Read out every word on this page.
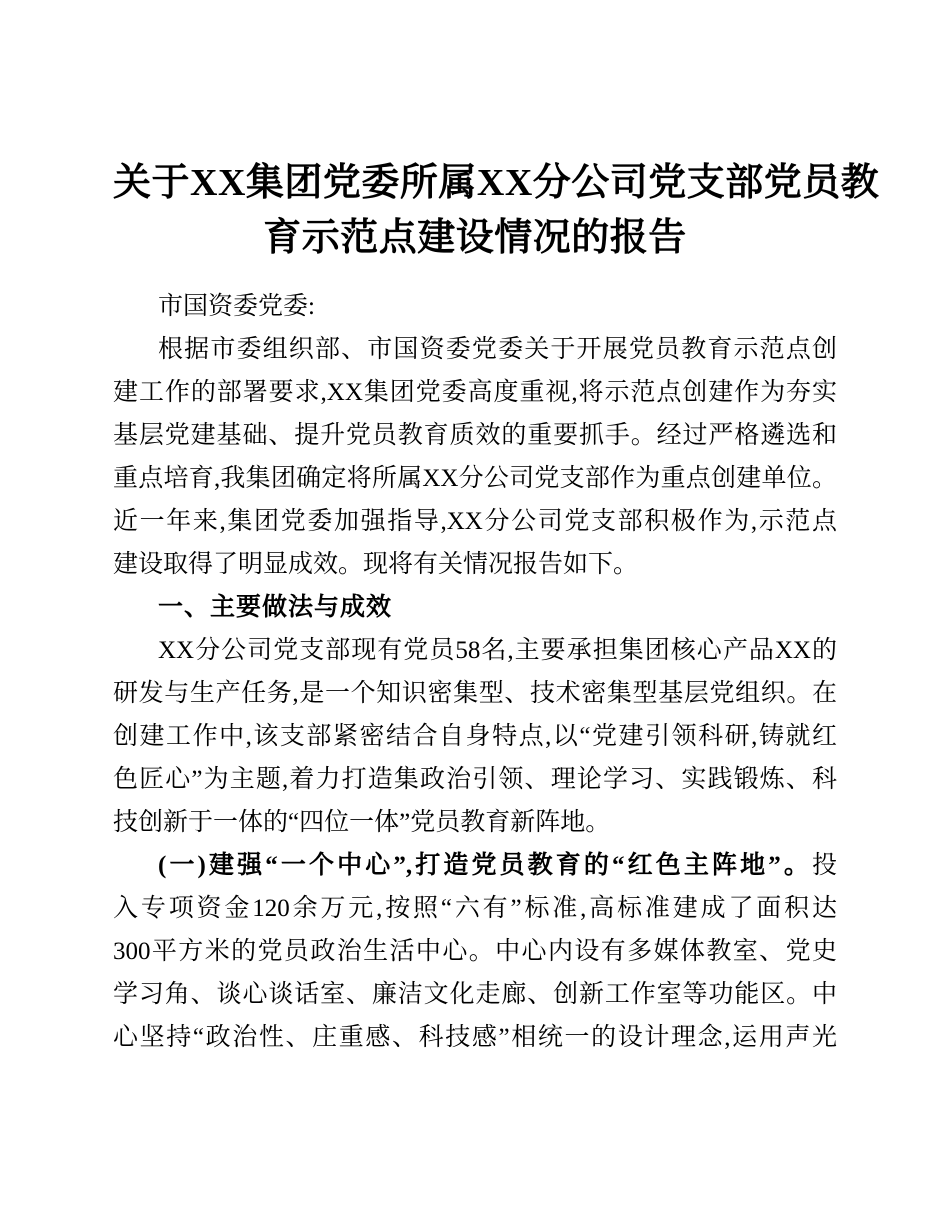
关于XX集团党委所属XX分公司党支部党员教
育示范点建设情况的报告
市国资委党委:
根据市委组织部、市国资委党委关于开展党员教育示范点创
建工作的部署要求,XX集团党委高度重视,将示范点创建作为夯实
基层党建基础、提升党员教育质效的重要抓手。经过严格遴选和
重点培育,我集团确定将所属XX分公司党支部作为重点创建单位。
近一年来,集团党委加强指导,XX分公司党支部积极作为,示范点
建设取得了明显成效。现将有关情况报告如下。
一、主要做法与成效
XX分公司党支部现有党员58名,主要承担集团核心产品XX的
研发与生产任务,是一个知识密集型、技术密集型基层党组织。在
创建工作中,该支部紧密结合自身特点,以“党建引领科研,铸就红
色匠心”为主题,着力打造集政治引领、理论学习、实践锻炼、科
技创新于一体的“四位一体”党员教育新阵地。
(一)建强“一个中心”,打造党员教育的“红色主阵地”。投
入专项资金120余万元,按照“六有”标准,高标准建成了面积达
300平方米的党员政治生活中心。中心内设有多媒体教室、党史
学习角、谈心谈话室、廉洁文化走廊、创新工作室等功能区。中
心坚持“政治性、庄重感、科技感”相统一的设计理念,运用声光
